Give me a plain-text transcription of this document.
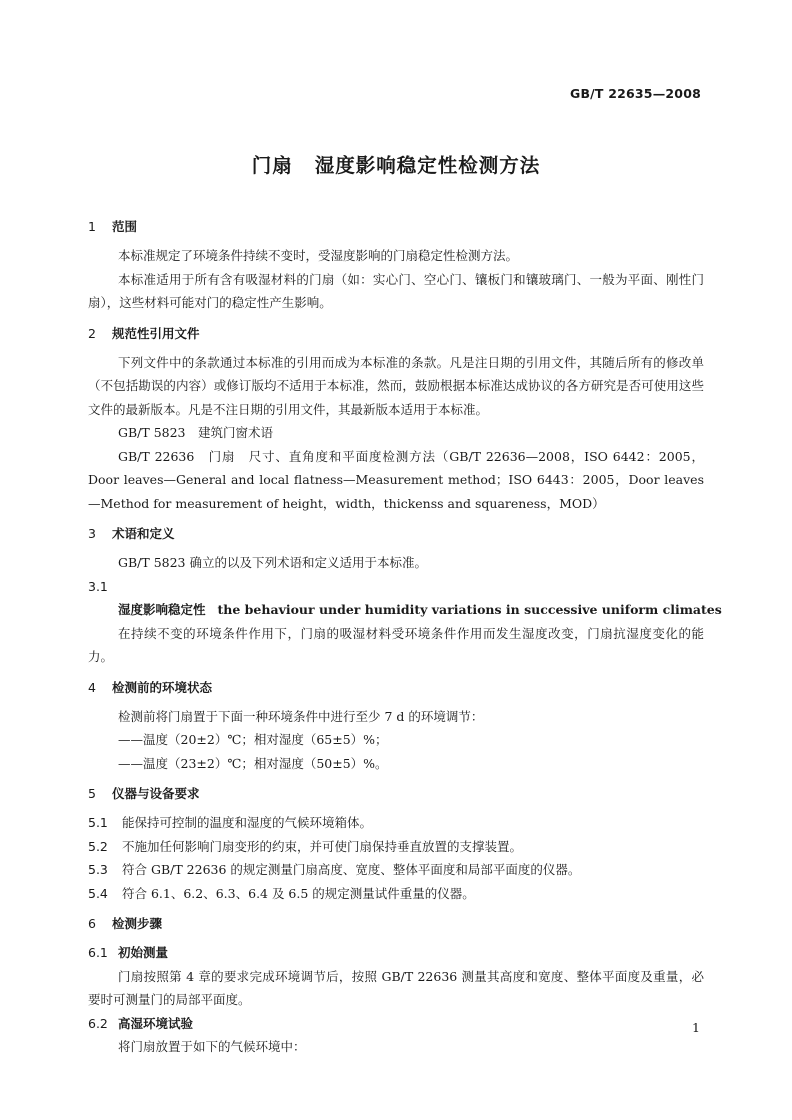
GB/T 22635—2008
门扇 湿度影响稳定性检测方法
1 范围

本标准规定了环境条件持续不变时，受湿度影响的门扇稳定性检测方法。

本标准适用于所有含有吸湿材料的门扇（如：实心门、空心门、镶板门和镶玻璃门、一般为平面、刚性门扇），这些材料可能对门的稳定性产生影响。

2 规范性引用文件

下列文件中的条款通过本标准的引用而成为本标准的条款。凡是注日期的引用文件，其随后所有的修改单（不包括勘误的内容）或修订版均不适用于本标准，然而，鼓励根据本标准达成协议的各方研究是否可使用这些文件的最新版本。凡是不注日期的引用文件，其最新版本适用于本标准。

GB/T 5823　建筑门窗术语

GB/T 22636　门扇　尺寸、直角度和平面度检测方法（GB/T 22636—2008，ISO 6442：2005，Door leaves—General and local flatness—Measurement method；ISO 6443：2005，Door leaves—Method for measurement of height，width，thickenss and squareness，MOD）

3 术语和定义

GB/T 5823 确立的以及下列术语和定义适用于本标准。

3.1

湿度影响稳定性 the behaviour under humidity variations in successive uniform climates

在持续不变的环境条件作用下，门扇的吸湿材料受环境条件作用而发生湿度改变，门扇抗湿度变化的能力。

4 检测前的环境状态

检测前将门扇置于下面一种环境条件中进行至少 7 d 的环境调节：

——温度（20±2）℃；相对湿度（65±5）%；

——温度（23±2）℃；相对湿度（50±5）%。

5 仪器与设备要求

5.1 能保持可控制的温度和湿度的气候环境箱体。

5.2 不施加任何影响门扇变形的约束，并可使门扇保持垂直放置的支撑装置。

5.3 符合 GB/T 22636 的规定测量门扇高度、宽度、整体平面度和局部平面度的仪器。

5.4 符合 6.1、6.2、6.3、6.4 及 6.5 的规定测量试件重量的仪器。

6 检测步骤

6.1 初始测量

门扇按照第 4 章的要求完成环境调节后，按照 GB/T 22636 测量其高度和宽度、整体平面度及重量，必要时可测量门的局部平面度。

6.2 高湿环境试验

将门扇放置于如下的气候环境中：

1
